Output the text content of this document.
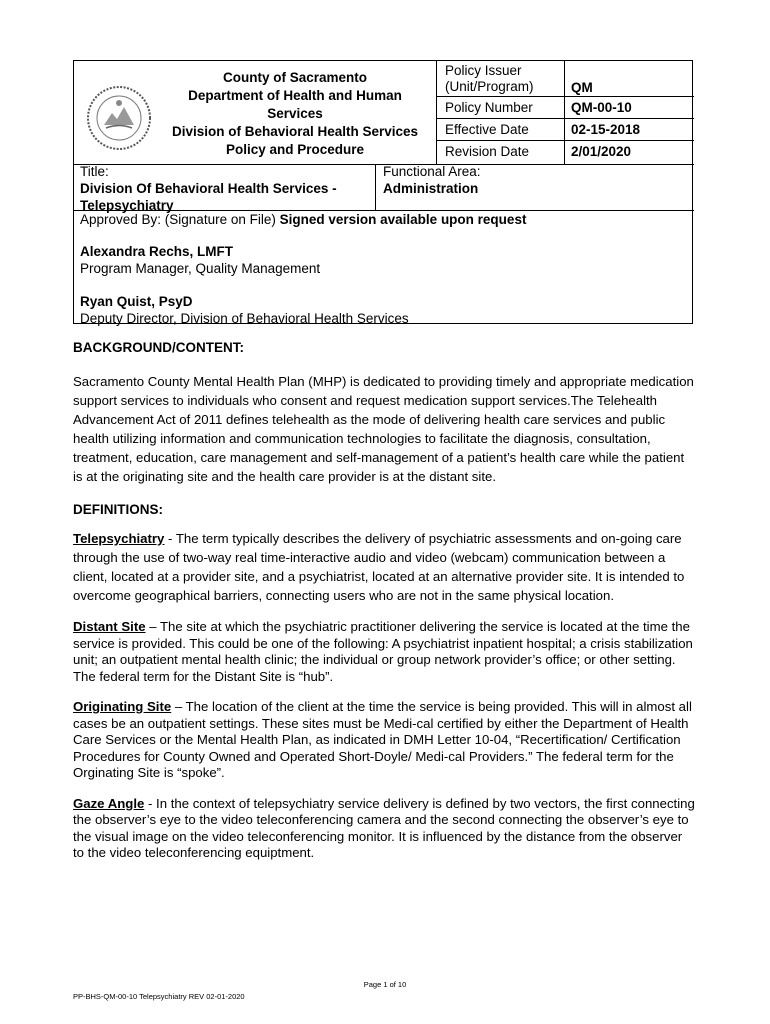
County of Sacramento
Department of Health and Human
Services
Division of Behavioral Health Services
Policy and Procedure
Policy Issuer
(Unit/Program)	QM
Policy Number	QM-00-10
Effective Date	02-15-2018
Revision Date	2/01/2020
Title:
Division Of Behavioral Health Services -
Telepsychiatry
Functional Area:
Administration
Approved By: (Signature on File) Signed version available upon request
Alexandra Rechs, LMFT
Program Manager, Quality Management
Ryan Quist, PsyD
Deputy Director, Division of Behavioral Health Services

BACKGROUND/CONTENT:

Sacramento County Mental Health Plan (MHP) is dedicated to providing timely and appropriate medication support services to individuals who consent and request medication support services.The Telehealth Advancement Act of 2011 defines telehealth as the mode of delivering health care services and public health utilizing information and communication technologies to facilitate the diagnosis, consultation, treatment, education, care management and self-management of a patient’s health care while the patient is at the originating site and the health care provider is at the distant site.

DEFINITIONS:

Telepsychiatry - The term typically describes the delivery of psychiatric assessments and on-going care through the use of two-way real time-interactive audio and video (webcam) communication between a client, located at a provider site, and a psychiatrist, located at an alternative provider site. It is intended to overcome geographical barriers, connecting users who are not in the same physical location.

Distant Site – The site at which the psychiatric practitioner delivering the service is located at the time the service is provided. This could be one of the following: A psychiatrist inpatient hospital; a crisis stabilization unit; an outpatient mental health clinic; the individual or group network provider’s office; or other setting. The federal term for the Distant Site is “hub”.

Originating Site – The location of the client at the time the service is being provided. This will in almost all cases be an outpatient settings. These sites must be Medi-cal certified by either the Department of Health Care Services or the Mental Health Plan, as indicated in DMH Letter 10-04, “Recertification/ Certification Procedures for County Owned and Operated Short-Doyle/ Medi-cal Providers.” The federal term for the Orginating Site is “spoke”.

Gaze Angle - In the context of telepsychiatry service delivery is defined by two vectors, the first connecting the observer’s eye to the video teleconferencing camera and the second connecting the observer’s eye to the visual image on the video teleconferencing monitor. It is influenced by the distance from the observer to the video teleconferencing equiptment.

Page 1 of 10
PP-BHS-QM-00-10 Telepsychiatry REV 02-01-2020
